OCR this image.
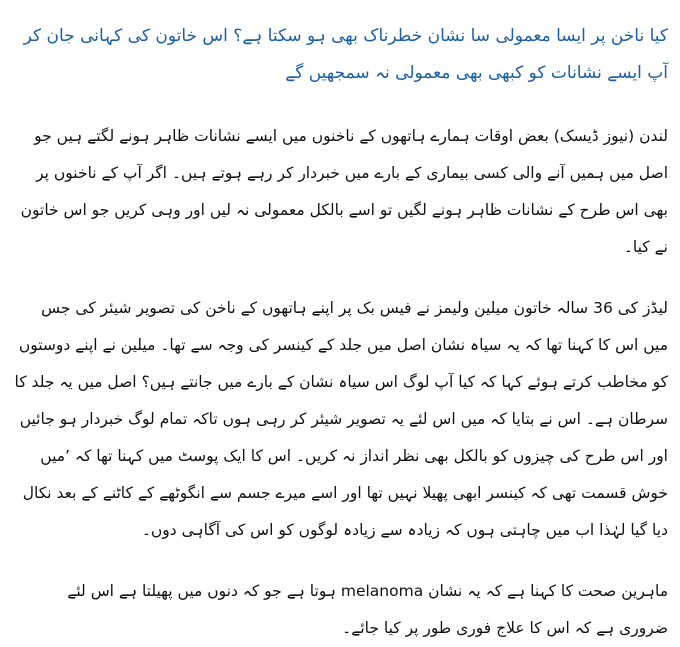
کیا ناخن پر ایسا معمولی سا نشان خطرناک بھی ہو سکتا ہے؟ اس خاتون کی کہانی جان کر آپ ایسے نشانات کو کبھی بھی معمولی نہ سمجھیں گے

لندن (نیوز ڈیسک) بعض اوقات ہمارے ہاتھوں کے ناخنوں میں ایسے نشانات ظاہر ہونے لگتے ہیں جو اصل میں ہمیں آنے والی کسی بیماری کے بارے میں خبردار کر رہے ہوتے ہیں۔ اگر آپ کے ناخنوں پر بھی اس طرح کے نشانات ظاہر ہونے لگیں تو اسے بالکل معمولی نہ لیں اور وہی کریں جو اس خاتون نے کیا۔

لیڈز کی 36 سالہ خاتون میلین ولیمز نے فیس بک پر اپنے ہاتھوں کے ناخن کی تصویر شیئر کی جس میں اس کا کہنا تھا کہ یہ سیاہ نشان اصل میں جلد کے کینسر کی وجہ سے تھا۔ میلین نے اپنے دوستوں کو مخاطب کرتے ہوئے کہا کہ کیا آپ لوگ اس سیاہ نشان کے بارے میں جانتے ہیں؟ اصل میں یہ جلد کا سرطان ہے۔ اس نے بتایا کہ میں اس لئے یہ تصویر شیئر کر رہی ہوں تاکہ تمام لوگ خبردار ہو جائیں اور اس طرح کی چیزوں کو بالکل بھی نظر انداز نہ کریں۔ اس کا ایک پوسٹ میں کہنا تھا کہ ’میں خوش قسمت تھی کہ کینسر ابھی پھیلا نہیں تھا اور اسے میرے جسم سے انگوٹھے کے کاٹنے کے بعد نکال دیا گیا لہٰذا اب میں چاہتی ہوں کہ زیادہ سے زیادہ لوگوں کو اس کی آگاہی دوں۔

ماہرین صحت کا کہنا ہے کہ یہ نشان melanoma ہوتا ہے جو کہ دنوں میں پھیلتا ہے اس لئے ضروری ہے کہ اس کا علاج فوری طور پر کیا جائے۔
